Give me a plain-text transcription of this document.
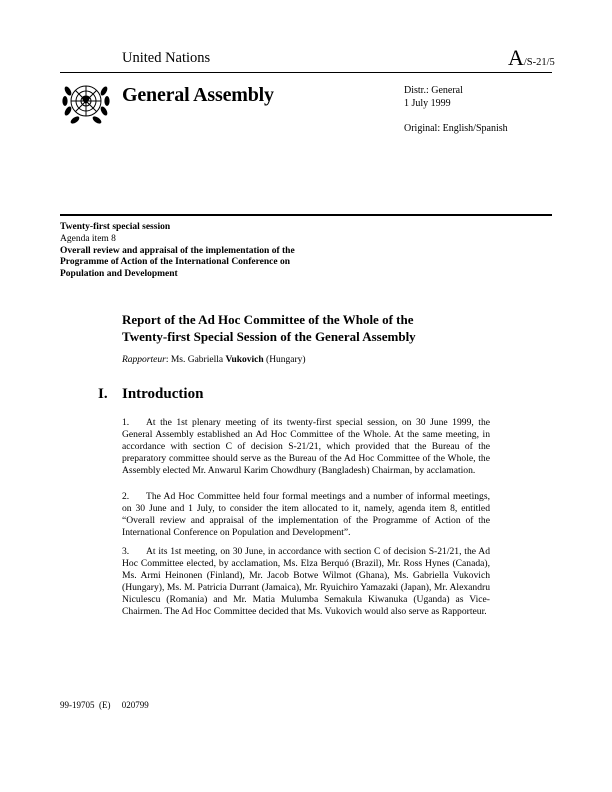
United Nations	A/S-21/5
General Assembly	Distr.: General
1 July 1999
Original: English/Spanish
Twenty-first special session
Agenda item 8
Overall review and appraisal of the implementation of the
Programme of Action of the International Conference on
Population and Development
Report of the Ad Hoc Committee of the Whole of the
Twenty-first Special Session of the General Assembly
Rapporteur: Ms. Gabriella Vukovich (Hungary)
I. Introduction
1. At the 1st plenary meeting of its twenty-first special session, on 30 June 1999, the General Assembly established an Ad Hoc Committee of the Whole. At the same meeting, in accordance with section C of decision S-21/21, which provided that the Bureau of the preparatory committee should serve as the Bureau of the Ad Hoc Committee of the Whole, the Assembly elected Mr. Anwarul Karim Chowdhury (Bangladesh) Chairman, by acclamation.
2. The Ad Hoc Committee held four formal meetings and a number of informal meetings, on 30 June and 1 July, to consider the item allocated to it, namely, agenda item 8, entitled “Overall review and appraisal of the implementation of the Programme of Action of the International Conference on Population and Development”.
3. At its 1st meeting, on 30 June, in accordance with section C of decision S-21/21, the Ad Hoc Committee elected, by acclamation, Ms. Elza Berquó (Brazil), Mr. Ross Hynes (Canada), Ms. Armi Heinonen (Finland), Mr. Jacob Botwe Wilmot (Ghana), Ms. Gabriella Vukovich (Hungary), Ms. M. Patricia Durrant (Jamaica), Mr. Ryuichiro Yamazaki (Japan), Mr. Alexandru Niculescu (Romania) and Mr. Matia Mulumba Semakula Kiwanuka (Uganda) as Vice-Chairmen. The Ad Hoc Committee decided that Ms. Vukovich would also serve as Rapporteur.
99-19705  (E)     020799
